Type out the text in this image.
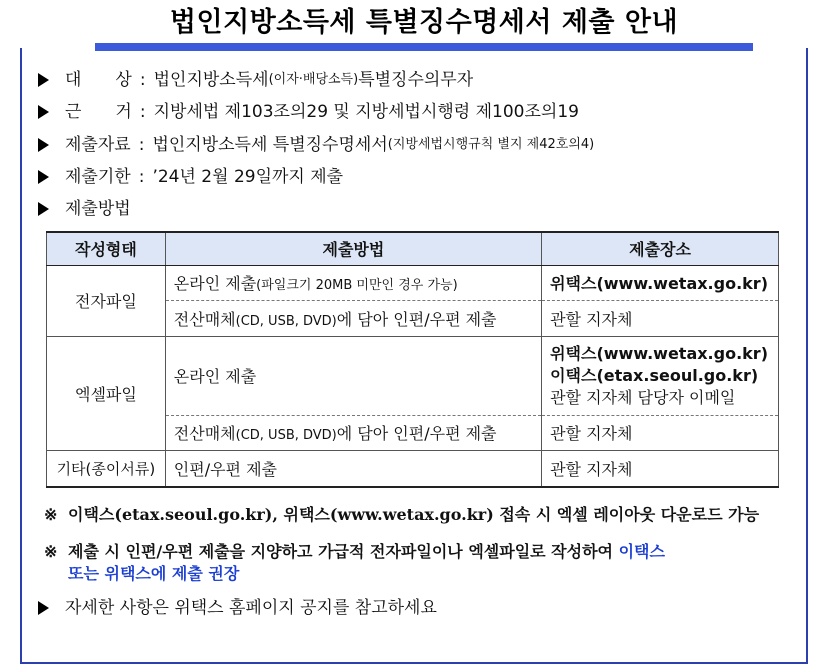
법인지방소득세 특별징수명세서 제출 안내
대　　상 : 법인지방소득세 (이자·배당소득) 특별징수의무자
근　　거 : 지방세법 제103조의29 및 지방세법시행령 제100조의19
제출자료 : 법인지방소득세 특별징수명세서 (지방세법시행규칙 별지 제42호의4)
제출기한 : ’24년 2월 29일까지 제출
제출방법
작성형태	제출방법	제출장소
전자파일	온라인 제출(파일크기 20MB 미만인 경우 가능)	위택스(www.wetax.go.kr)
	전산매체(CD, USB, DVD)에 담아 인편/우편 제출	관할 지자체
엑셀파일	온라인 제출	위택스(www.wetax.go.kr)
이택스(etax.seoul.go.kr)
관할 지자체 담당자 이메일

	전산매체(CD, USB, DVD)에 담아 인편/우편 제출	관할 지자체
기타(종이서류)	인편/우편 제출	관할 지자체
※ 이택스(etax.seoul.go.kr), 위택스(www.wetax.go.kr) 접속 시 엑셀 레이아웃 다운로드 가능
※ 제출 시 인편/우편 제출을 지양하고 가급적 전자파일이나 엑셀파일로 작성하여 이택스
또는 위택스에 제출 권장
자세한 사항은 위택스 홈페이지 공지를 참고하세요
